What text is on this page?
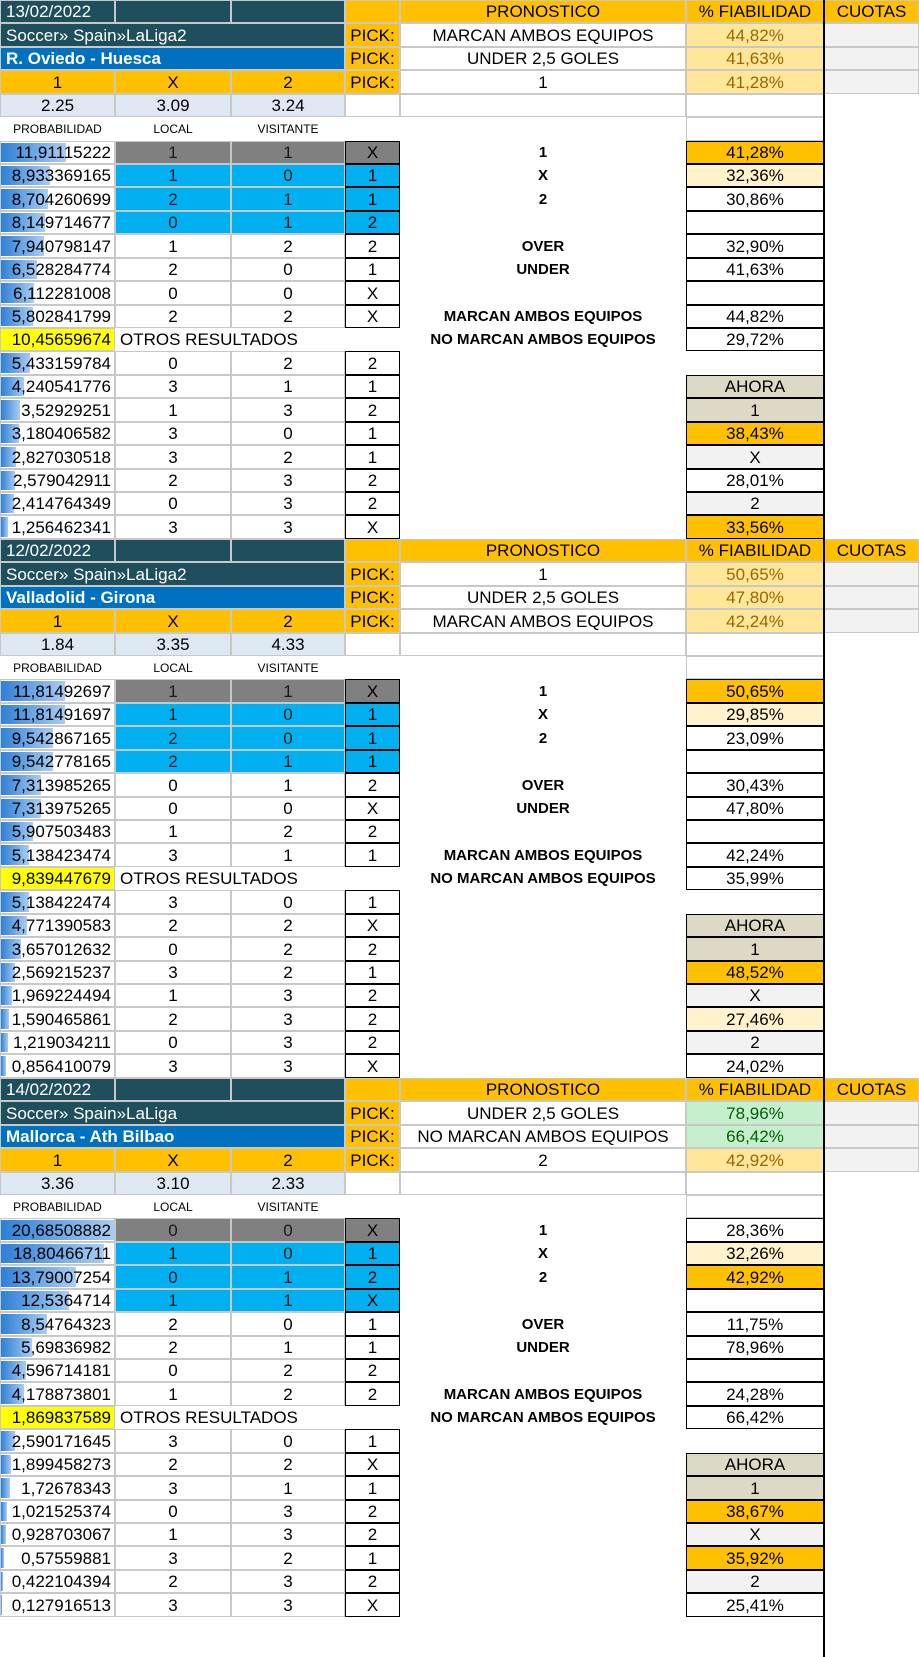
13/02/2022	PRONOSTICO	% FIABILIDAD	CUOTAS
Soccer» Spain»LaLiga2
R. Oviedo - Huesca
1	X	2
PICK:	MARCAN AMBOS EQUIPOS	44,82%
PICK:	UNDER 2,5 GOLES	41,63%
PICK:	1	41,28%
2.25	3.09	3.24
PROBABILIDAD	LOCAL	VISITANTE
11,91115222	1	1	X
8,933369165	1	0	1
8,704260699	2	1	1
8,149714677	0	1	2
7,940798147	1	2	2
6,528284774	2	0	1
6,112281008	0	0	X
5,802841799	2	2	X
10,45659674 OTROS RESULTADOS
5,433159784	0	2	2
4,240541776	3	1	1
3,52929251	1	3	2
3,180406582	3	0	1
2,827030518	3	2	1
2,579042911	2	3	2
2,414764349	0	3	2
1,256462341	3	3	X
1	41,28%
X	32,36%
2	30,86%
OVER	32,90%
UNDER	41,63%
MARCAN AMBOS EQUIPOS	44,82%
NO MARCAN AMBOS EQUIPOS	29,72%
AHORA
1
38,43%
X
28,01%
2
33,56%
12/02/2022	PRONOSTICO	% FIABILIDAD	CUOTAS
Soccer» Spain»LaLiga2
Valladolid - Girona
1	X	2
PICK:	1	50,65%
PICK:	UNDER 2,5 GOLES	47,80%
PICK:	MARCAN AMBOS EQUIPOS	42,24%
1.84	3.35	4.33
PROBABILIDAD	LOCAL	VISITANTE
11,81492697	1	1	X
11,81491697	1	0	1
9,542867165	2	0	1
9,542778165	2	1	1
7,313985265	0	1	2
7,313975265	0	0	X
5,907503483	1	2	2
5,138423474	3	1	1
9,839447679 OTROS RESULTADOS
5,138422474	3	0	1
4,771390583	2	2	X
3,657012632	0	2	2
2,569215237	3	2	1
1,969224494	1	3	2
1,590465861	2	3	2
1,219034211	0	3	2
0,856410079	3	3	X
1	50,65%
X	29,85%
2	23,09%
OVER	30,43%
UNDER	47,80%
MARCAN AMBOS EQUIPOS	42,24%
NO MARCAN AMBOS EQUIPOS	35,99%
AHORA
1
48,52%
X
27,46%
2
24,02%
14/02/2022	PRONOSTICO	% FIABILIDAD	CUOTAS
Soccer» Spain»LaLiga
Mallorca - Ath Bilbao
1	X	2
PICK:	UNDER 2,5 GOLES	78,96%
PICK:	NO MARCAN AMBOS EQUIPOS	66,42%
PICK:	2	42,92%
3.36	3.10	2.33
PROBABILIDAD	LOCAL	VISITANTE
20,68508882	0	0	X
18,80466711	1	0	1
13,79007254	0	1	2
12,5364714	1	1	X
8,54764323	2	0	1
5,69836982	2	1	1
4,596714181	0	2	2
4,178873801	1	2	2
1,869837589 OTROS RESULTADOS
2,590171645	3	0	1
1,899458273	2	2	X
1,72678343	3	1	1
1,021525374	0	3	2
0,928703067	1	3	2
0,57559881	3	2	1
0,422104394	2	3	2
0,127916513	3	3	X
1	28,36%
X	32,26%
2	42,92%
OVER	11,75%
UNDER	78,96%
MARCAN AMBOS EQUIPOS	24,28%
NO MARCAN AMBOS EQUIPOS	66,42%
AHORA
1
38,67%
X
35,92%
2
25,41%
